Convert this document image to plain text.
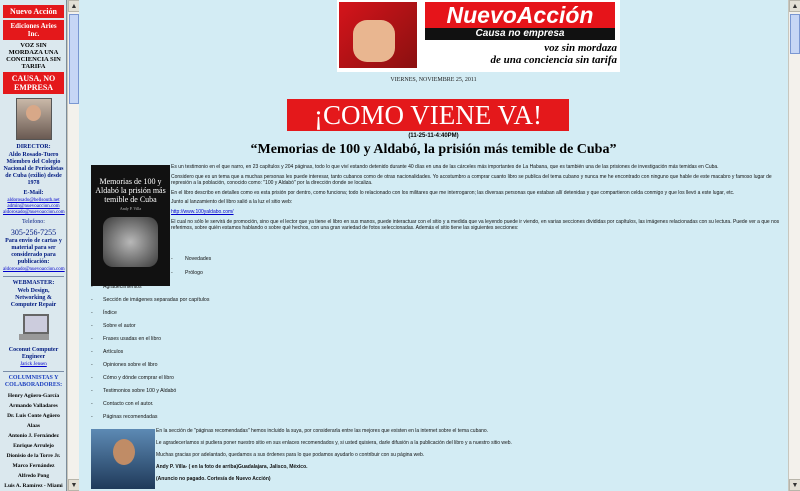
Nuevo Acción
Ediciones Aries Inc.
VOZ SIN MORDAZA UNA CONCIENCIA SIN TARIFA
CAUSA, NO EMPRESA
DIRECTOR:
Aldo Rosado-Tuero Miembro del Colegio Nacional de Periodistas de Cuba (exilio) desde 1978
E-Mail:
aldorosado@bellsouth.net
admin@nuevoaccion.com
aldorosado@nuevoaccion.com
Telefono:
305-256-7255
Para envio de cartas y material para ser considerado para publicación:
aldorosado@nuevoaccion.com
WEBMASTER:
Web Design, Networking & Computer Repair
Coconut Computer Engineer
Jarick Jensen
COLUMNISTAS Y COLABORADORES:
Henry Agüero-García
Armando Valladares
Dr. Luis Conte Agüero
Alaas
Antonio J. Fernández
Enrique Arrulejo
Dionisio de la Torre Jr.
Marco Fernández
Alfredo Pong
Luis A. Ramírez - Miami
▲
▼
NuevoAcción
Causa no empresa
voz sin mordaza
de una conciencia sin tarifa
VIERNES, NOVIEMBRE 25, 2011
¡COMO VIENE VA!
(11-25-11-4:40PM)
“Memorias de 100 y Aldabó, la prisión más temible de Cuba”
Memorias de 100 y Aldabó la prisión más temible de Cuba
Andy P. Villa

Es un testimonio en el que narro, en 23 capítulos y 204 páginas, todo lo que viví estando detenido durante 40 días en una de las cárceles más importantes de La Habana, que es también una de las prisiones de investigación más temidas en Cuba.

Considero que es un tema que a muchas personas les puede interesar, tanto cubanos como de otras nacionalidades. Yo acostumbro a comprar cuanto libro se publica del tema cubano y nunca me he encontrado con ninguno que hable de este macabro y famoso lugar de represión a la población, conocido como: "100 y Aldabó" por la dirección donde se localiza.

En el libro describo en detalles como es esta prisión por dentro, como funciona; todo lo relacionado con los militares que me interrogaron; las diversas personas que estaban allí detenidas y que compartieron celda conmigo y que los llevó a este lugar, etc.

Junto al lanzamiento del libro salió a la luz el sitio web:

http://www.100yaldabo.com/

El cual no sólo le servirá de promoción, sino que el lector que ya tiene el libro en sus manos, puede interactuar con el sitio y a medida que va leyendo puede ir viendo, en varias secciones divididas por capítulos, las imágenes relacionadas con su lectura. Puede ver a que nos referimos, sobre quién estamos hablando o sobre qué hechos, con una gran variedad de fotos seleccionadas. Además el sitio tiene las siguientes secciones:

- Novedades
- Prólogo
- Agradecimientos
- Sección de imágenes separadas por capítulos
- Índice
- Sobre el autor
- Frases usadas en el libro
- Artículos
- Opiniones sobre el libro
- Cómo y dónde comprar el libro
- Testimonios sobre 100 y Aldabó
- Contacto con el autor.
- Páginas recomendadas

En la sección de "páginas recomendadas" hemos incluido la suya, por considerarla entre las mejores que existen en la internet sobre el tema cubano.

Le agradeceríamos si pudiera poner nuestro sitio en sus enlaces recomendados y, si usted quisiera, darle difusión a la publicación del libro y a nuestro sitio web.

Muchas gracias por adelantado, quedamos a sus órdenes para lo que podamos ayudarlo o contribuir con su página web.

Andy P. Villa- ( en la foto de arriba)Guadalajara, Jalisco, México.

(Anuncio no pagado. Cortesía de Nuevo Acción)

▲
▼
